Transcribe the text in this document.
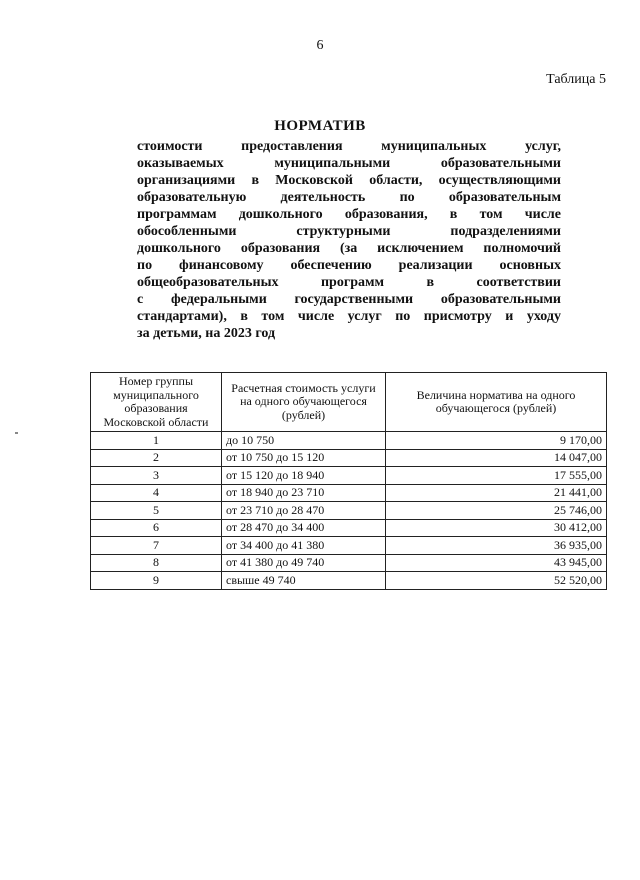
6
Таблица 5
НОРМАТИВ
стоимости предоставления муниципальных услуг,
оказываемых муниципальными образовательными
организациями в Московской области, осуществляющими
образовательную деятельность по образовательным
программам дошкольного образования, в том числе
обособленными структурными подразделениями
дошкольного образования (за исключением полномочий
по финансовому обеспечению реализации основных
общеобразовательных программ в соответствии
с федеральными государственными образовательными
стандартами), в том числе услуг по присмотру и уходу
за детьми, на 2023 год
Номер группы муниципального образования Московской области	Расчетная стоимость услуги на одного обучающегося (рублей)	Величина норматива на одного обучающегося (рублей)
1	до 10 750	9 170,00
2	от 10 750 до 15 120	14 047,00
3	от 15 120 до 18 940	17 555,00
4	от 18 940 до 23 710	21 441,00
5	от 23 710 до 28 470	25 746,00
6	от 28 470 до 34 400	30 412,00
7	от 34 400 до 41 380	36 935,00
8	от 41 380 до 49 740	43 945,00
9	свыше 49 740	52 520,00
